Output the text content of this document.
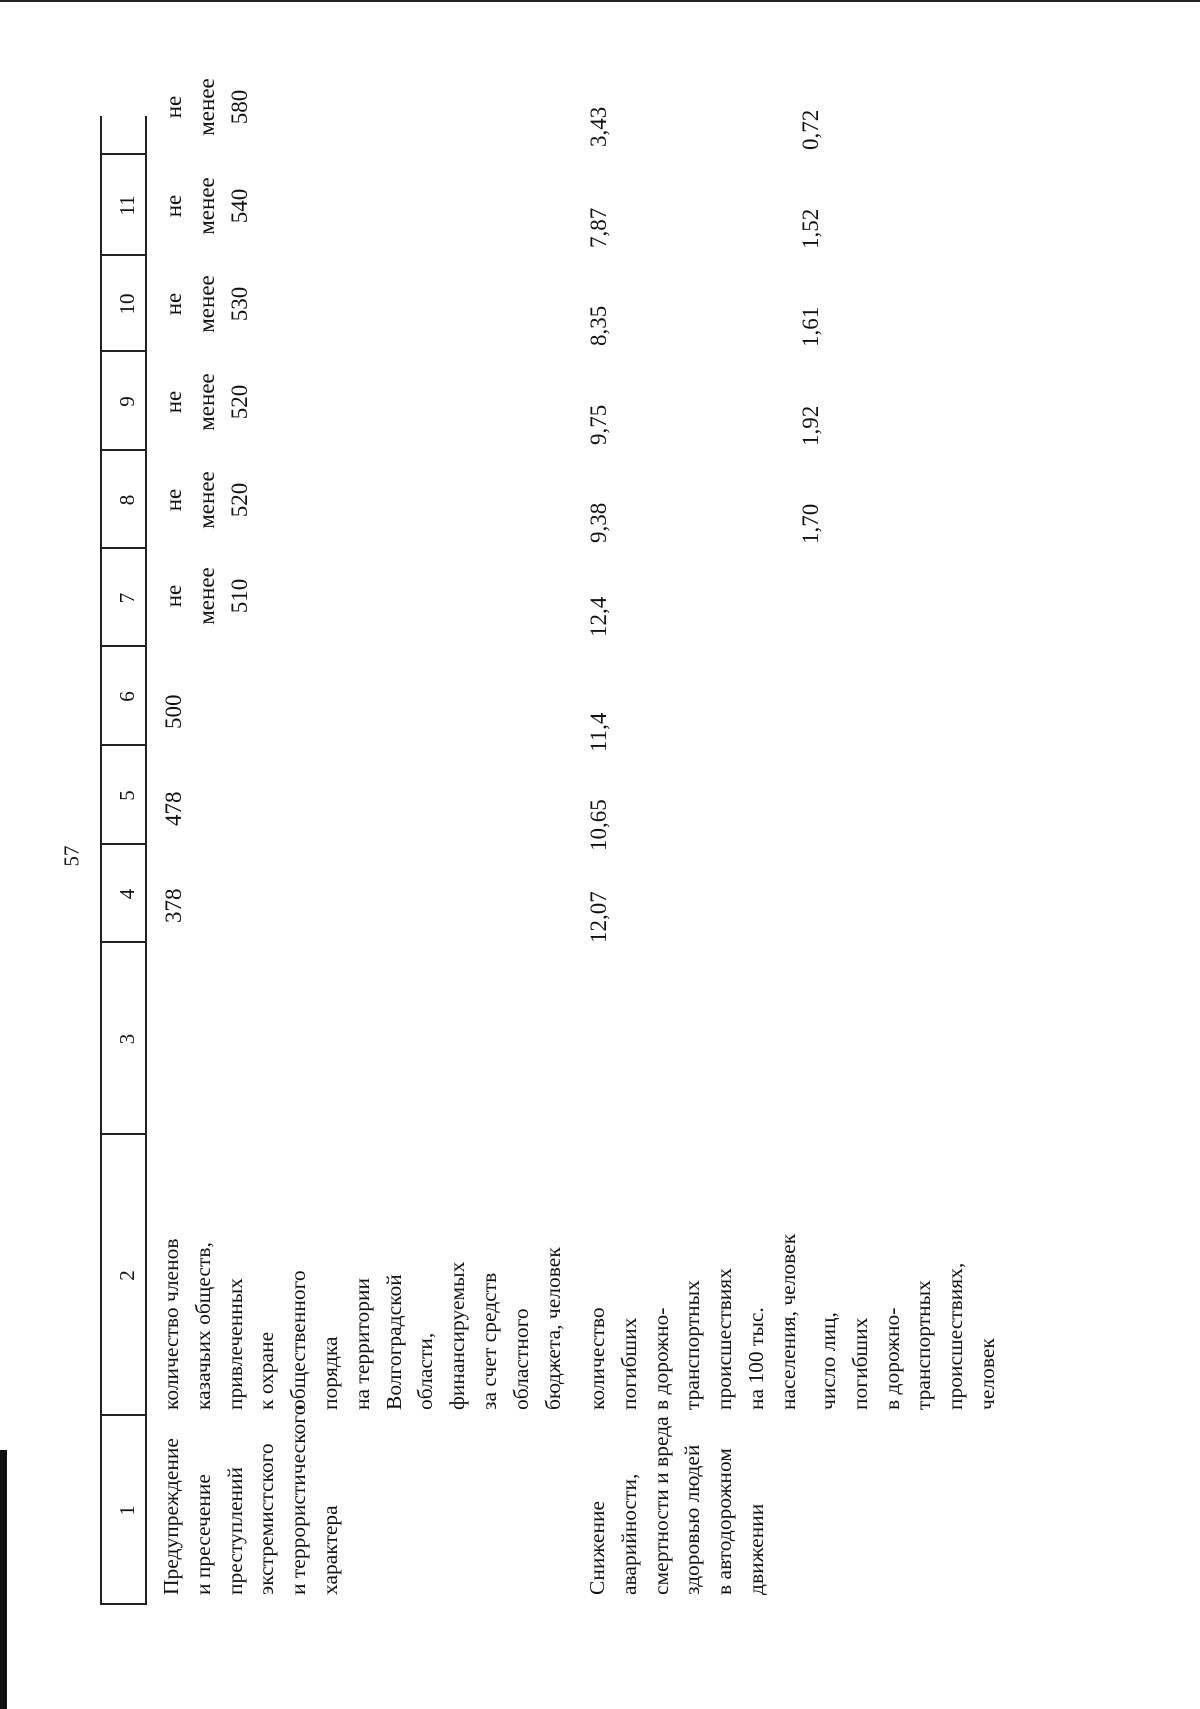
57
1
2
3
4
5
6
7
8
9
10
11
Предупреждение
и пресечение
преступлений
экстремистского
и террористического
характера
количество членов
казачьих обществ,
привлеченных
к охране
общественного
порядка
на территории
Волгоградской
области,
финансируемых
за счет средств
областного
бюджета, человек
378
478
500
не
менее
510
не
менее
520
не
менее
520
не
менее
530
не
менее
540
не
менее
580
Снижение
аварийности,
смертности и вреда
здоровью людей
в автодорожном
движении
количество
погибших
в дорожно-
транспортных
происшествиях
на 100 тыс.
населения, человек
12,07
10,65
11,4
12,4
9,38
9,75
8,35
7,87
3,43
число лиц,
погибших
в дорожно-
транспортных
происшествиях,
человек
1,70
1,92
1,61
1,52
0,72
